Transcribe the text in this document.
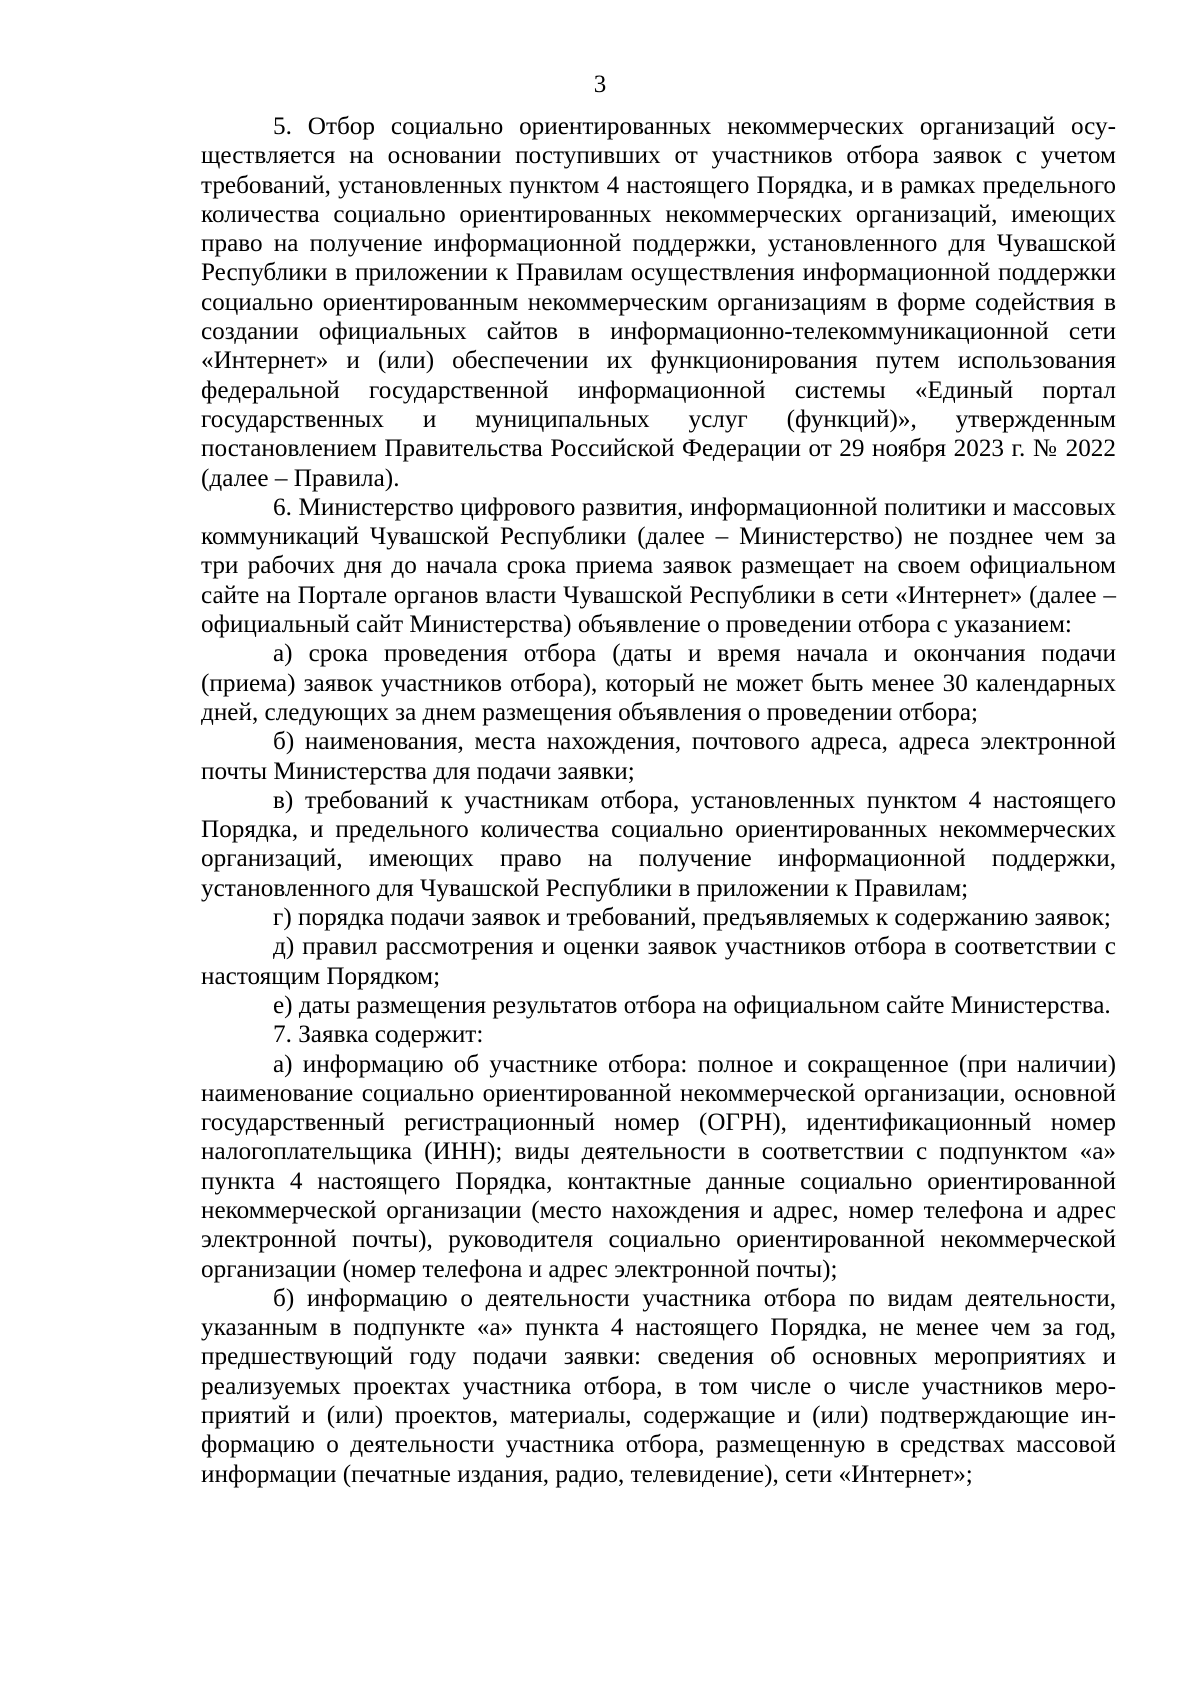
3

5. Отбор социально ориентированных некоммерческих организаций осуществляется на основании поступивших от участников отбора заявок с учетом требований, установленных пунктом 4 настоящего Порядка, и в рамках предельного количества социально ориентированных некоммерческих организаций, имеющих право на получение информационной поддержки, установленного для Чувашской Республики в приложении к Правилам осуществления информационной поддержки социально ориентированным некоммерческим организациям в форме содействия в создании официальных сайтов в информационно-телекоммуникационной сети «Интернет» и (или) обеспечении их функционирования путем использования федеральной государственной информационной системы «Единый портал государственных и муниципальных услуг (функций)», утвержденным постановлением Правительства Российской Федерации от 29 ноября 2023 г. № 2022 (далее – Правила).

6. Министерство цифрового развития, информационной политики и массовых коммуникаций Чувашской Республики (далее – Министерство) не позднее чем за три рабочих дня до начала срока приема заявок размещает на своем официальном сайте на Портале органов власти Чувашской Республики в сети «Интернет» (далее – официальный сайт Министерства) объявление о проведении отбора с указанием:

а) срока проведения отбора (даты и время начала и окончания подачи (приема) заявок участников отбора), который не может быть менее 30 календарных дней, следующих за днем размещения объявления о проведении отбора;

б) наименования, места нахождения, почтового адреса, адреса электронной почты Министерства для подачи заявки;

в) требований к участникам отбора, установленных пунктом 4 настоящего Порядка, и предельного количества социально ориентированных некоммерческих организаций, имеющих право на получение информационной поддержки, установленного для Чувашской Республики в приложении к Правилам;

г) порядка подачи заявок и требований, предъявляемых к содержанию заявок;

д) правил рассмотрения и оценки заявок участников отбора в соответствии с настоящим Порядком;

е) даты размещения результатов отбора на официальном сайте Министерства.

7. Заявка содержит:

а) информацию об участнике отбора: полное и сокращенное (при наличии) наименование социально ориентированной некоммерческой организации, основной государственный регистрационный номер (ОГРН), идентификационный номер налогоплательщика (ИНН); виды деятельности в соответствии с подпунктом «а» пункта 4 настоящего Порядка, контактные данные социально ориентированной некоммерческой организации (место нахождения и адрес, номер телефона и адрес электронной почты), руководителя социально ориентированной некоммерческой организации (номер телефона и адрес электронной почты);

б) информацию о деятельности участника отбора по видам деятельности, указанным в подпункте «а» пункта 4 настоящего Порядка, не менее чем за год, предшествующий году подачи заявки: сведения об основных мероприятиях и реализуемых проектах участника отбора, в том числе о числе участников мероприятий и (или) проектов, материалы, содержащие и (или) подтверждающие информацию о деятельности участника отбора, размещенную в средствах массовой информации (печатные издания, радио, телевидение), сети «Интернет»;
